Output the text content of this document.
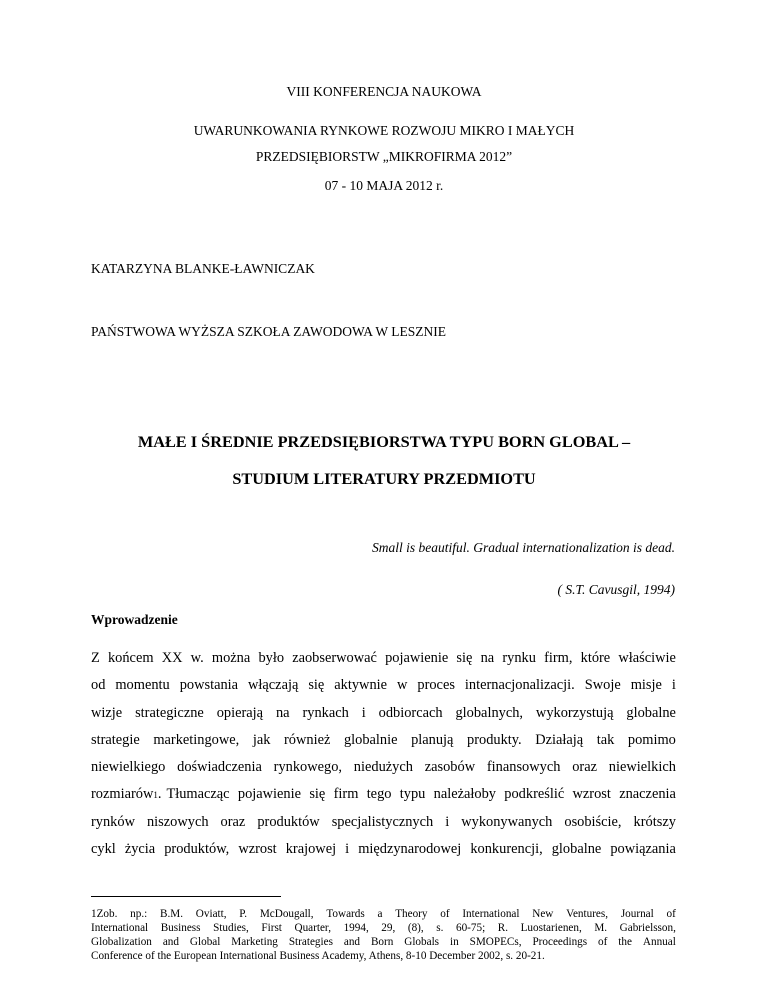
VIII KONFERENCJA NAUKOWA
UWARUNKOWANIA RYNKOWE ROZWOJU MIKRO I MAŁYCH
PRZEDSIĘBIORSTW „MIKROFIRMA 2012”
07 - 10 MAJA 2012 r.
KATARZYNA BLANKE-ŁAWNICZAK
PAŃSTWOWA WYŻSZA SZKOŁA ZAWODOWA W LESZNIE
MAŁE I ŚREDNIE PRZEDSIĘBIORSTWA TYPU BORN GLOBAL –
STUDIUM LITERATURY PRZEDMIOTU
Small is beautiful. Gradual internationalization is dead.
( S.T. Cavusgil, 1994)
Wprowadzenie
Z końcem XX w. można było zaobserwować pojawienie się na rynku firm, które właściwie
od momentu powstania włączają się aktywnie w proces internacjonalizacji. Swoje misje i
wizje strategiczne opierają na rynkach i odbiorcach globalnych, wykorzystują globalne
strategie marketingowe, jak również globalnie planują produkty. Działają tak pomimo
niewielkiego doświadczenia rynkowego, niedużych zasobów finansowych oraz niewielkich
rozmiarów 1 . Tłumacząc pojawienie się firm tego typu należałoby podkreślić wzrost znaczenia
rynków niszowych oraz produktów specjalistycznych i wykonywanych osobiście, krótszy
cykl życia produktów, wzrost krajowej i międzynarodowej konkurencji, globalne powiązania
1Zob. np.: B.M. Oviatt, P. McDougall, Towards a Theory of International New Ventures, Journal of
International Business Studies, First Quarter, 1994, 29, (8), s. 60-75; R. Luostarienen, M. Gabrielsson,
Globalization and Global Marketing Strategies and Born Globals in SMOPECs, Proceedings of the Annual
Conference of the European International Business Academy, Athens, 8-10 December 2002, s. 20-21.
